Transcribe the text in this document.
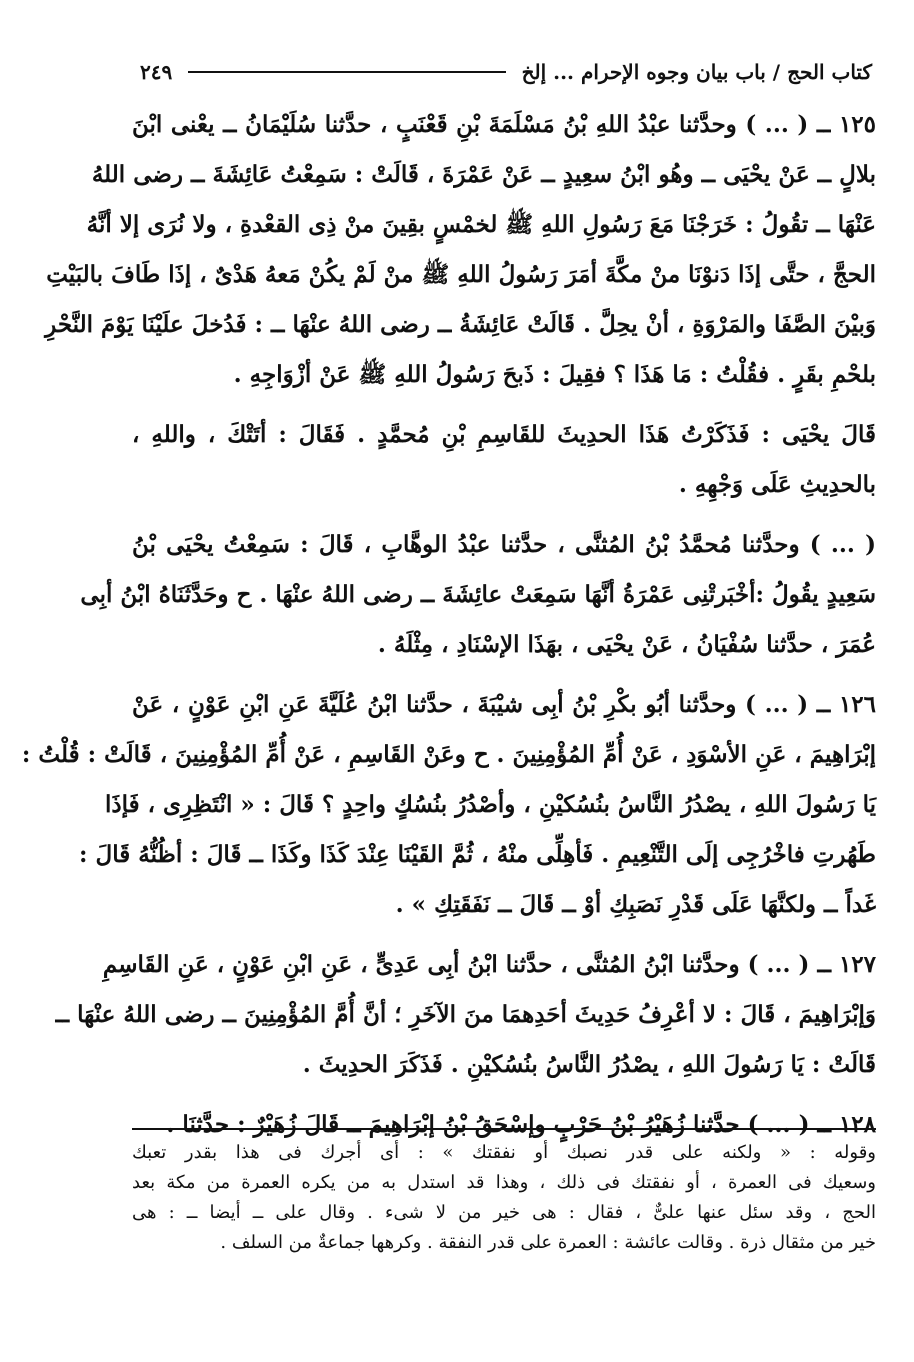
كتاب الحج / باب بيان وجوه الإحرام ... إلخ
٢٤٩
١٢٥ ــ ( ... ) وحدَّثنا عبْدُ اللهِ بْنُ مَسْلَمَةَ بْنِ قَعْنَبٍ ، حدَّثنا سُلَيْمَانُ ــ يعْنى ابْنَ
بلالٍ ــ عَنْ يحْيَى ــ وهُو ابْنُ سعِيدٍ ــ عَنْ عَمْرَةَ ، قَالَتْ : سَمِعْتُ عَائِشَةَ ــ رضى اللهُ
عَنْهَا ــ تقُولُ : خَرَجْنَا مَعَ رَسُولِ اللهِ ﷺ لخمْسٍ بقِينَ منْ ذِى القعْدةِ ، ولا نُرَى إلا أنَّهُ
الحجَّ ، حتَّى إذَا دَنوْنَا منْ مكَّةَ أمَرَ رَسُولُ اللهِ ﷺ منْ لَمْ يكُنْ مَعهُ هَدْىٌ ، إذَا طَافَ بالبَيْتِ
وَبيْنَ الصَّفَا والمَرْوَةِ ، أنْ يحِلَّ . قَالَتْ عَائِشَةُ ــ رضى اللهُ عنْهَا ــ : فَدُخلَ علَيْنَا يَوْمَ النَّحْرِ
بلحْمِ بقَرٍ . فقُلْتُ : مَا هَذَا ؟ فقِيلَ : ذَبحَ رَسُولُ اللهِ ﷺ عَنْ أزْوَاجِهِ .
قَالَ يحْيَى : فَذَكَرْتُ هَذَا الحدِيثَ للقَاسِمِ بْنِ مُحمَّدٍ . فَقَالَ : أتَتْكَ ، واللهِ ،
بالحدِيثِ عَلَى وَجْهِهِ .
( ... ) وحدَّثنا مُحمَّدُ بْنُ المُثنَّى ، حدَّثنا عبْدُ الوهَّابِ ، قَالَ : سَمِعْتُ يحْيَى بْنُ
سَعِيدٍ يقُولُ :أخْبَرتْنِى عَمْرَةُ أنَّهَا سَمِعَتْ عائِشَةَ ــ رضى اللهُ عنْهَا . ح وحَدَّثَنَاهُ ابْنُ أبِى
عُمَرَ ، حدَّثنا سُفْيَانُ ، عَنْ يحْيَى ، بهَذَا الإسْنَادِ ، مِثْلَهُ .
١٢٦ ــ ( ... ) وحدَّثنا أبُو بكْرِ بْنُ أبِى شيْبَةَ ، حدَّثنا ابْنُ عُلَيَّةَ عَنِ ابْنِ عَوْنٍ ، عَنْ
إبْرَاهِيمَ ، عَنِ الأسْوَدِ ، عَنْ أُمِّ المُؤْمِنِينَ . ح وعَنْ القَاسِمِ ، عَنْ أُمِّ المُؤْمِنِينَ ، قَالَتْ : قُلْتُ :
يَا رَسُولَ اللهِ ، يصْدُرُ النَّاسُ بنُسُكيْنِ ، وأصْدُرُ بنُسُكٍ واحِدٍ ؟ قَالَ : « انْتَظِرِى ، فَإذَا
طَهُرتِ فاخْرُجِى إلَى التَّنْعِيمِ . فَأهِلِّى منْهُ ، ثُمَّ القَيْنَا عِنْدَ كَذَا وكَذَا ــ قَالَ : أظُنُّهُ قَالَ :
غَداً ــ ولكنَّهَا عَلَى قَدْرِ نَصَبِكِ أوْ ــ قَالَ ــ نَفَقَتِكِ » .
١٢٧ ــ ( ... ) وحدَّثنا ابْنُ المُثنَّى ، حدَّثنا ابْنُ أبِى عَدِىٍّ ، عَنِ ابْنِ عَوْنٍ ، عَنِ القَاسِمِ
وَإبْرَاهِيمَ ، قَالَ : لا أعْرِفُ حَدِيثَ أحَدِهمَا منَ الآخَرِ ؛ أنَّ أُمَّ المُؤْمِنِينَ ــ رضى اللهُ عنْهَا ــ
قَالَتْ : يَا رَسُولَ اللهِ ، يصْدُرُ النَّاسُ بنُسُكيْنِ . فَذَكَرَ الحدِيثَ .
١٢٨ ــ ( ... ) حدَّثنا زُهَيْرُ بْنُ حَرْبٍ وإسْحَقُ بْنُ إبْرَاهِيمَ ــ قَالَ زُهَيْرٌ : حدَّثنَا .
وقوله : « ولكنه على قدر نصبك أو نفقتك » : أى أجرك فى هذا بقدر تعبك
وسعيك فى العمرة ، أو نفقتك فى ذلك ، وهذا قد استدل به من يكره العمرة من مكة بعد
الحج ، وقد سئل عنها علىٌّ ، فقال : هى خير من لا شىء . وقال على ــ أيضا ــ : هى
خير من مثقال ذرة . وقالت عائشة : العمرة على قدر النفقة . وكرهها جماعةٌ من السلف .
